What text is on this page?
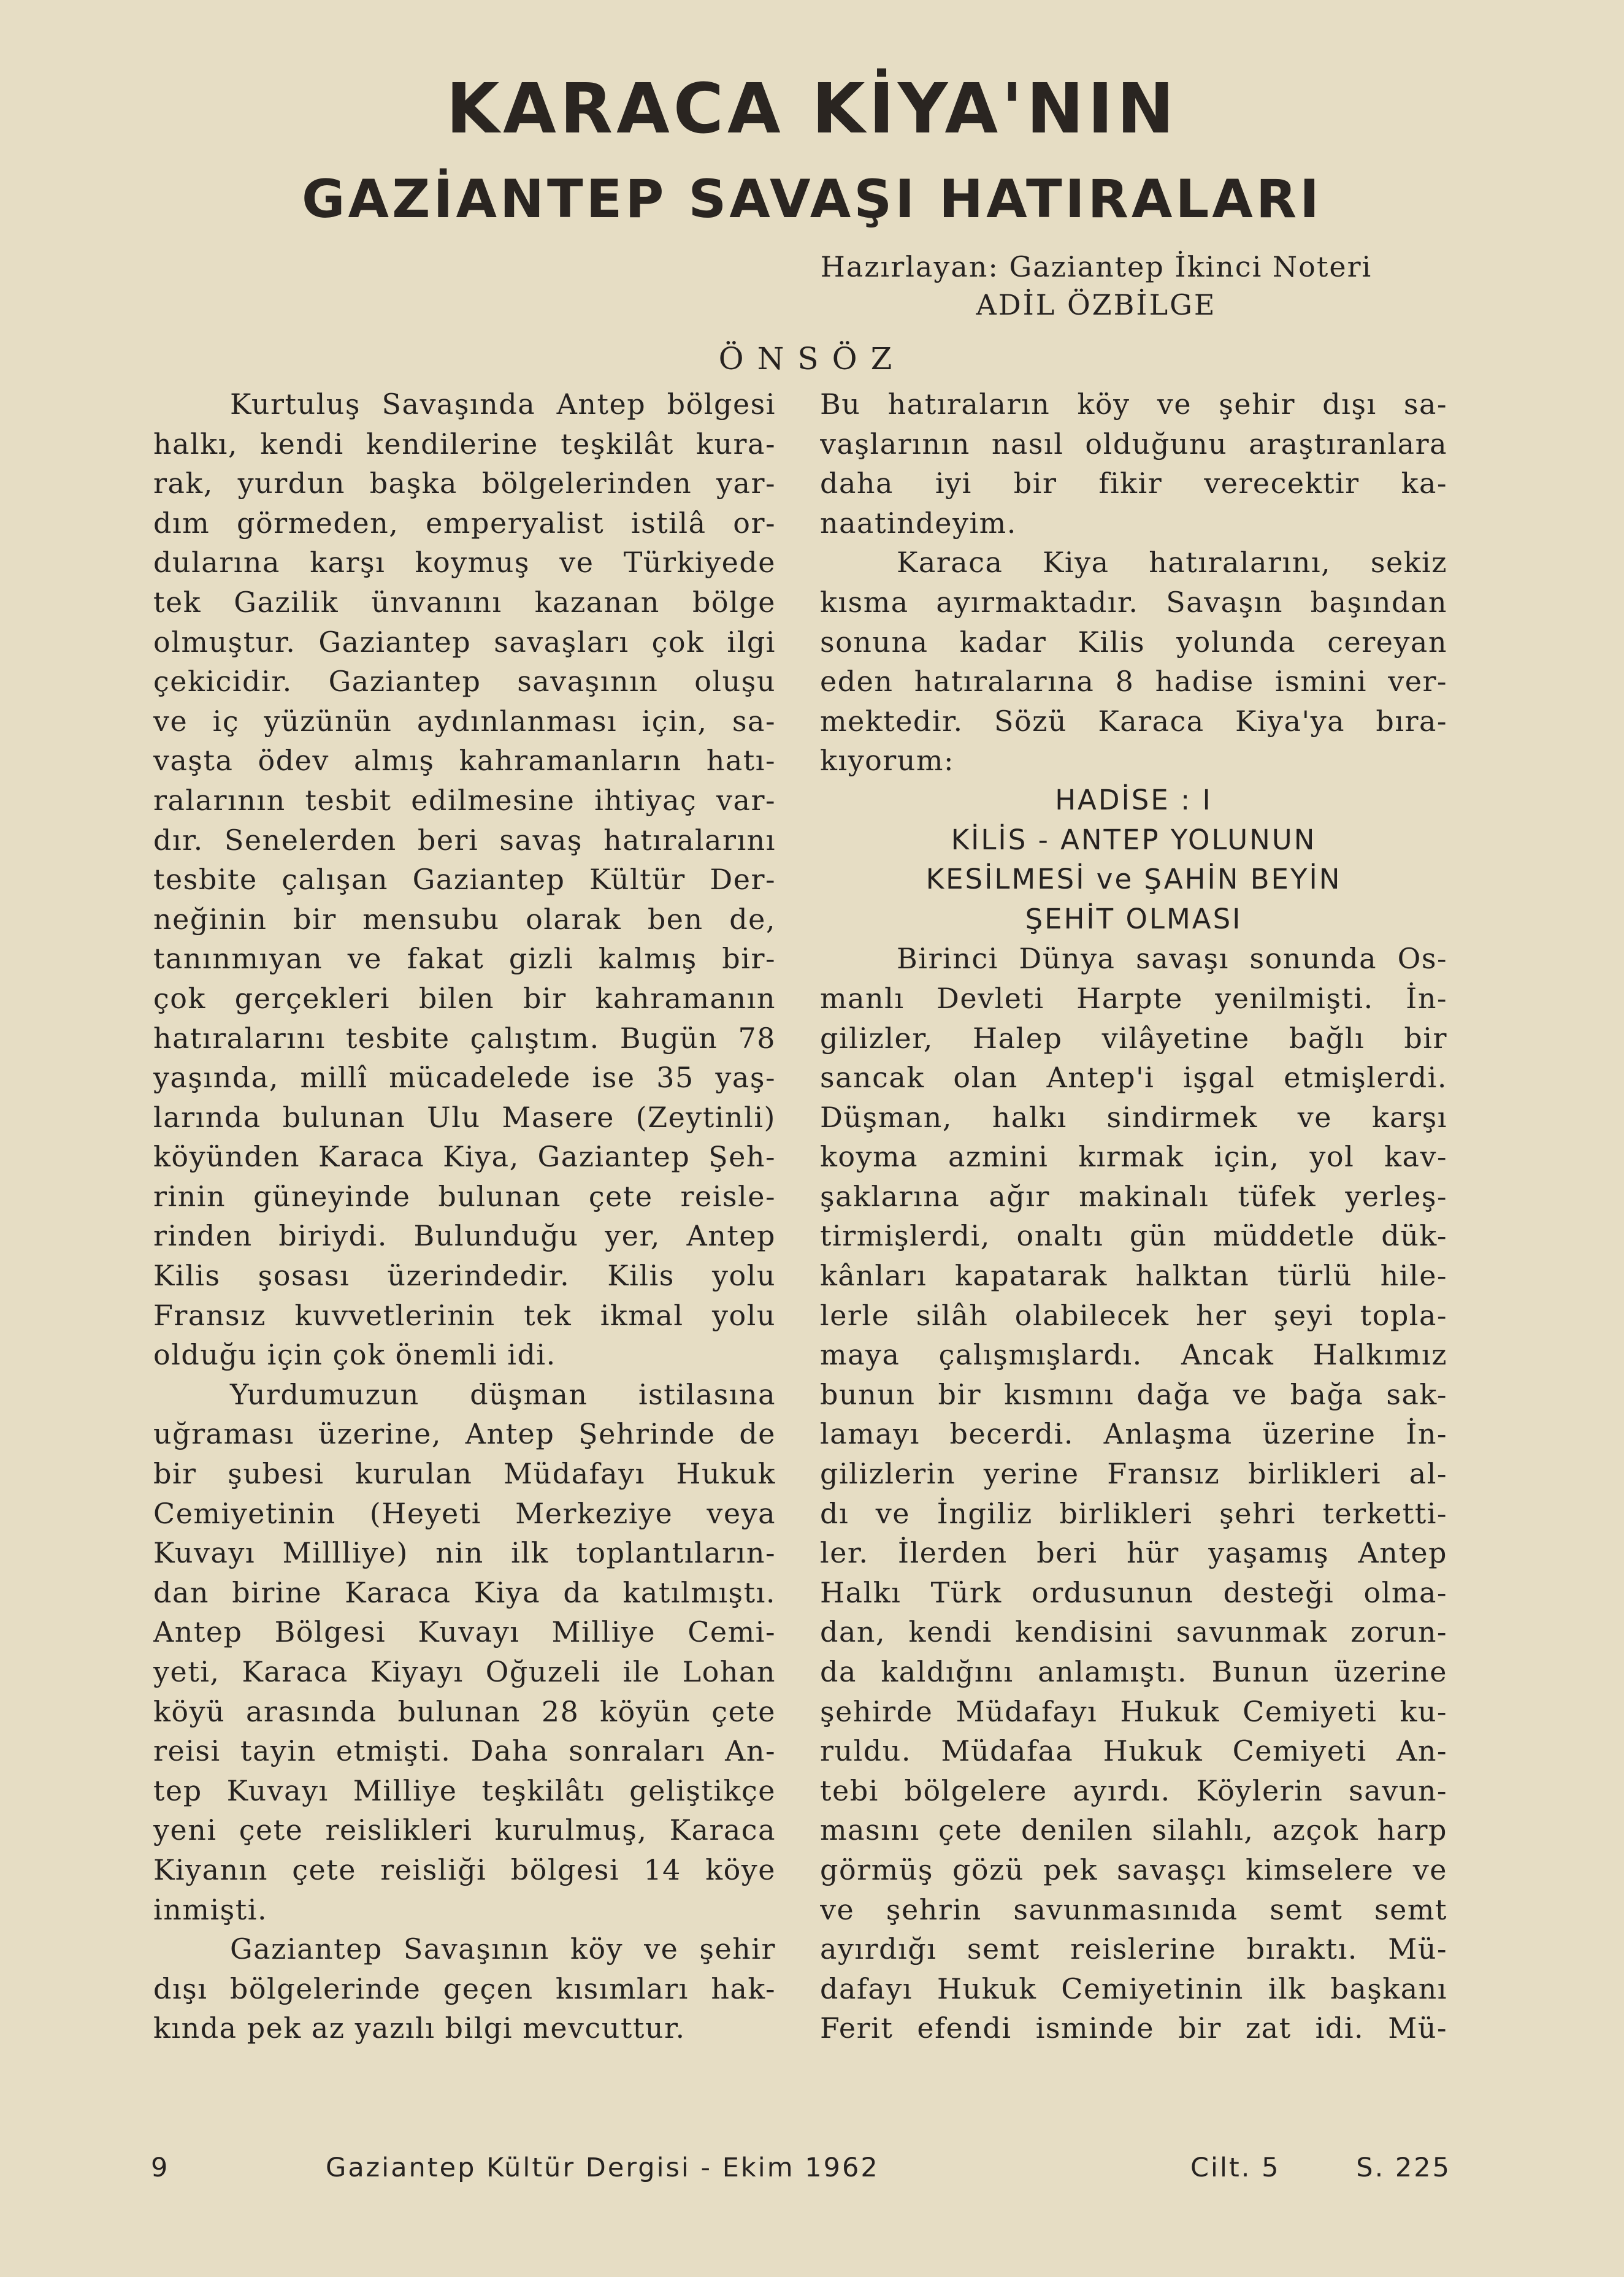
KARACA KİYA'NIN
GAZİANTEP SAVAŞI HATIRALARI
Hazırlayan: Gaziantep İkinci Noteri
ADİL ÖZBİLGE
ÖNSÖZ
Kurtuluş Savaşında Antep bölgesi
halkı, kendi kendilerine teşkilât kura-
rak, yurdun başka bölgelerinden yar-
dım görmeden, emperyalist istilâ or-
dularına karşı koymuş ve Türkiyede
tek Gazilik ünvanını kazanan bölge
olmuştur. Gaziantep savaşları çok ilgi
çekicidir. Gaziantep savaşının oluşu
ve iç yüzünün aydınlanması için, sa-
vaşta ödev almış kahramanların hatı-
ralarının tesbit edilmesine ihtiyaç var-
dır. Senelerden beri savaş hatıralarını
tesbite çalışan Gaziantep Kültür Der-
neğinin bir mensubu olarak ben de,
tanınmıyan ve fakat gizli kalmış bir-
çok gerçekleri bilen bir kahramanın
hatıralarını tesbite çalıştım. Bugün 78
yaşında, millî mücadelede ise 35 yaş-
larında bulunan Ulu Masere (Zeytinli)
köyünden Karaca Kiya, Gaziantep Şeh-
rinin güneyinde bulunan çete reisle-
rinden biriydi. Bulunduğu yer, Antep
Kilis şosası üzerindedir. Kilis yolu
Fransız kuvvetlerinin tek ikmal yolu
olduğu için çok önemli idi.
Yurdumuzun düşman istilasına
uğraması üzerine, Antep Şehrinde de
bir şubesi kurulan Müdafayı Hukuk
Cemiyetinin (Heyeti Merkeziye veya
Kuvayı Millliye) nin ilk toplantıların-
dan birine Karaca Kiya da katılmıştı.
Antep Bölgesi Kuvayı Milliye Cemi-
yeti, Karaca Kiyayı Oğuzeli ile Lohan
köyü arasında bulunan 28 köyün çete
reisi tayin etmişti. Daha sonraları An-
tep Kuvayı Milliye teşkilâtı geliştikçe
yeni çete reislikleri kurulmuş, Karaca
Kiyanın çete reisliği bölgesi 14 köye
inmişti.
Gaziantep Savaşının köy ve şehir
dışı bölgelerinde geçen kısımları hak-
kında pek az yazılı bilgi mevcuttur.
Bu hatıraların köy ve şehir dışı sa-
vaşlarının nasıl olduğunu araştıranlara
daha iyi bir fikir verecektir ka-
naatindeyim.
Karaca Kiya hatıralarını, sekiz
kısma ayırmaktadır. Savaşın başından
sonuna kadar Kilis yolunda cereyan
eden hatıralarına 8 hadise ismini ver-
mektedir. Sözü Karaca Kiya'ya bıra-
kıyorum:
HADİSE : I
KİLİS - ANTEP YOLUNUN
KESİLMESİ ve ŞAHİN BEYİN
ŞEHİT OLMASI
Birinci Dünya savaşı sonunda Os-
manlı Devleti Harpte yenilmişti. İn-
gilizler, Halep vilâyetine bağlı bir
sancak olan Antep'i işgal etmişlerdi.
Düşman, halkı sindirmek ve karşı
koyma azmini kırmak için, yol kav-
şaklarına ağır makinalı tüfek yerleş-
tirmişlerdi, onaltı gün müddetle dük-
kânları kapatarak halktan türlü hile-
lerle silâh olabilecek her şeyi topla-
maya çalışmışlardı. Ancak Halkımız
bunun bir kısmını dağa ve bağa sak-
lamayı becerdi. Anlaşma üzerine İn-
gilizlerin yerine Fransız birlikleri al-
dı ve İngiliz birlikleri şehri terketti-
ler. İlerden beri hür yaşamış Antep
Halkı Türk ordusunun desteği olma-
dan, kendi kendisini savunmak zorun-
da kaldığını anlamıştı. Bunun üzerine
şehirde Müdafayı Hukuk Cemiyeti ku-
ruldu. Müdafaa Hukuk Cemiyeti An-
tebi bölgelere ayırdı. Köylerin savun-
masını çete denilen silahlı, azçok harp
görmüş gözü pek savaşçı kimselere ve
ve şehrin savunmasınıda semt semt
ayırdığı semt reislerine bıraktı. Mü-
dafayı Hukuk Cemiyetinin ilk başkanı
Ferit efendi isminde bir zat idi. Mü-
9	Gaziantep Kültür Dergisi - Ekim 1962	Cilt. 5	S. 225
